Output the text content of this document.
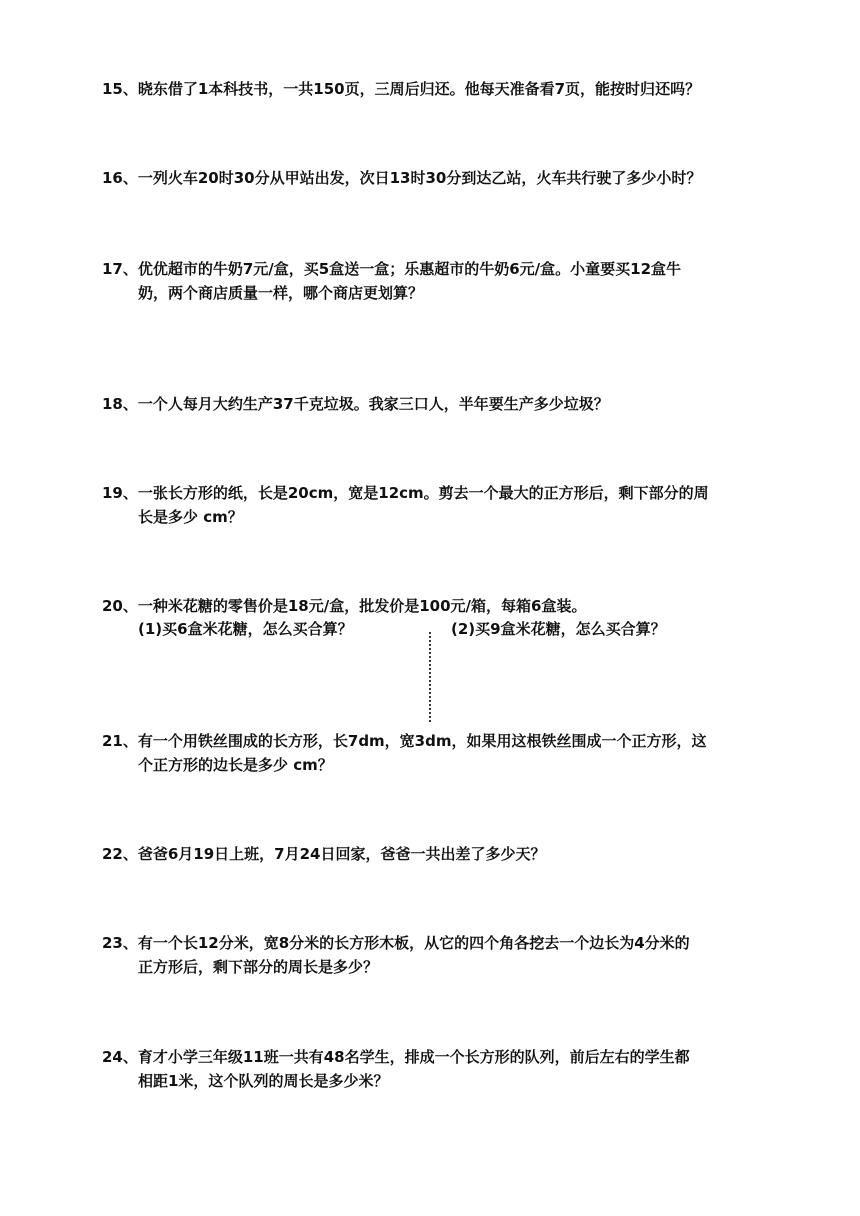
15、晓东借了1本科技书，一共150页，三周后归还。他每天准备看7页，能按时归还吗？
16、一列火车20时30分从甲站出发，次日13时30分到达乙站，火车共行驶了多少小时？
17、优优超市的牛奶7元/盒，买5盒送一盒；乐惠超市的牛奶6元/盒。小童要买12盒牛
奶，两个商店质量一样，哪个商店更划算？
18、一个人每月大约生产37千克垃圾。我家三口人，半年要生产多少垃圾？
19、一张长方形的纸，长是20cm，宽是12cm。剪去一个最大的正方形后，剩下部分的周
长是多少 cm？
20、一种米花糖的零售价是18元/盒，批发价是100元/箱，每箱6盒装。
(1)买6盒米花糖，怎么买合算？	(2)买9盒米花糖，怎么买合算？
21、有一个用铁丝围成的长方形，长7dm，宽3dm，如果用这根铁丝围成一个正方形，这
个正方形的边长是多少 cm？
22、爸爸6月19日上班，7月24日回家，爸爸一共出差了多少天？
23、有一个长12分米，宽8分米的长方形木板，从它的四个角各挖去一个边长为4分米的
正方形后，剩下部分的周长是多少？
24、育才小学三年级11班一共有48名学生，排成一个长方形的队列，前后左右的学生都
相距1米，这个队列的周长是多少米？
